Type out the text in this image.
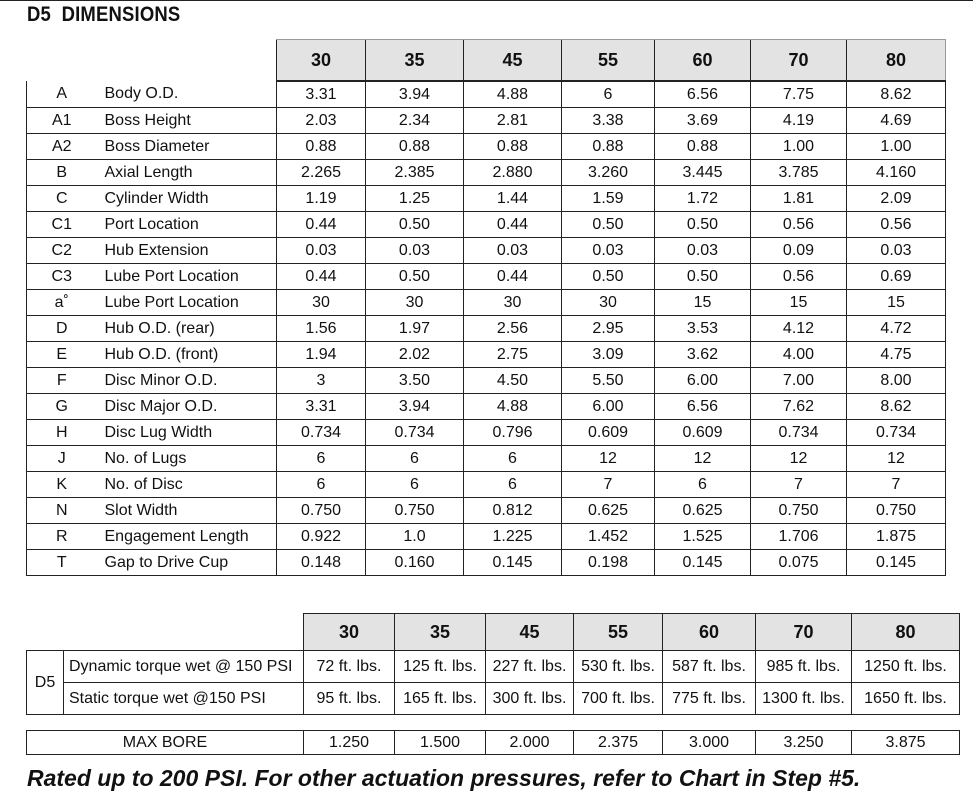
D5  DIMENSIONS
		30	35	45	55	60	70	80
A	Body O.D.	3.31	3.94	4.88	6	6.56	7.75	8.62
A1	Boss Height	2.03	2.34	2.81	3.38	3.69	4.19	4.69
A2	Boss Diameter	0.88	0.88	0.88	0.88	0.88	1.00	1.00
B	Axial Length	2.265	2.385	2.880	3.260	3.445	3.785	4.160
C	Cylinder Width	1.19	1.25	1.44	1.59	1.72	1.81	2.09
C1	Port Location	0.44	0.50	0.44	0.50	0.50	0.56	0.56
C2	Hub Extension	0.03	0.03	0.03	0.03	0.03	0.09	0.03
C3	Lube Port Location	0.44	0.50	0.44	0.50	0.50	0.56	0.69
a˚	Lube Port Location	30	30	30	30	15	15	15
D	Hub O.D. (rear)	1.56	1.97	2.56	2.95	3.53	4.12	4.72
E	Hub O.D. (front)	1.94	2.02	2.75	3.09	3.62	4.00	4.75
F	Disc Minor O.D.	3	3.50	4.50	5.50	6.00	7.00	8.00
G	Disc Major O.D.	3.31	3.94	4.88	6.00	6.56	7.62	8.62
H	Disc Lug Width	0.734	0.734	0.796	0.609	0.609	0.734	0.734
J	No. of Lugs	6	6	6	12	12	12	12
K	No. of Disc	6	6	6	7	6	7	7
N	Slot Width	0.750	0.750	0.812	0.625	0.625	0.750	0.750
R	Engagement Length	0.922	1.0	1.225	1.452	1.525	1.706	1.875
T	Gap to Drive Cup	0.148	0.160	0.145	0.198	0.145	0.075	0.145
		30	35	45	55	60	70	80
D5	Dynamic torque wet @ 150 PSI	72 ft. lbs.	125 ft. lbs.	227 ft. lbs.	530 ft. lbs.	587 ft. lbs.	985 ft. lbs.	1250 ft. lbs.
	Static torque wet @150 PSI	95 ft. lbs.	165 ft. lbs.	300 ft. lbs.	700 ft. lbs.	775 ft. lbs.	1300 ft. lbs.	1650 ft. lbs.
MAX BORE	1.250	1.500	2.000	2.375	3.000	3.250	3.875
Rated up to 200 PSI. For other actuation pressures, refer to Chart in Step #5.
